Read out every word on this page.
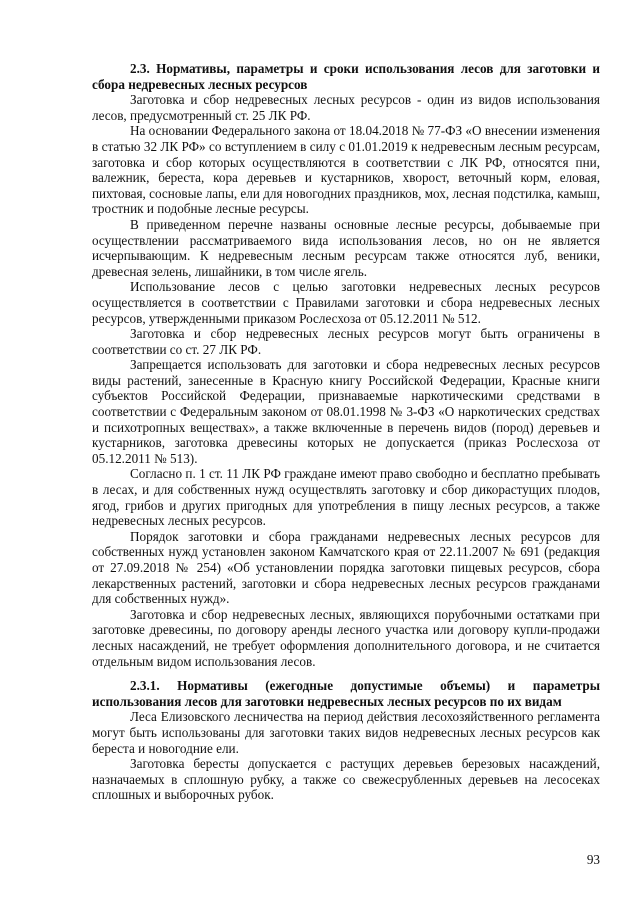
2.3. Нормативы, параметры и сроки использования лесов для заготовки и сбора недревесных лесных ресурсов

Заготовка и сбор недревесных лесных ресурсов - один из видов использования лесов, предусмотренный ст. 25 ЛК РФ.

На основании Федерального закона от 18.04.2018 № 77-ФЗ «О внесении изменения в статью 32 ЛК РФ» со вступлением в силу с 01.01.2019 к недревесным лесным ресурсам, заготовка и сбор которых осуществляются в соответствии с ЛК РФ, относятся пни, валежник, береста, кора деревьев и кустарников, хворост, веточный корм, еловая, пихтовая, сосновые лапы, ели для новогодних праздников, мох, лесная подстилка, камыш, тростник и подобные лесные ресурсы.

В приведенном перечне названы основные лесные ресурсы, добываемые при осуществлении рассматриваемого вида использования лесов, но он не является исчерпывающим. К недревесным лесным ресурсам также относятся луб, веники, древесная зелень, лишайники, в том числе ягель.

Использование лесов с целью заготовки недревесных лесных ресурсов осуществляется в соответствии с Правилами заготовки и сбора недревесных лесных ресурсов, утвержденными приказом Рослесхоза от 05.12.2011 № 512.

Заготовка и сбор недревесных лесных ресурсов могут быть ограничены в соответствии со ст. 27 ЛК РФ.

Запрещается использовать для заготовки и сбора недревесных лесных ресурсов виды растений, занесенные в Красную книгу Российской Федерации, Красные книги субъектов Российской Федерации, признаваемые наркотическими средствами в соответствии с Федеральным законом от 08.01.1998 № 3-ФЗ «О наркотических средствах и психотропных веществах», а также включенные в перечень видов (пород) деревьев и кустарников, заготовка древесины которых не допускается (приказ Рослесхоза от 05.12.2011 № 513).

Согласно п. 1 ст. 11 ЛК РФ граждане имеют право свободно и бесплатно пребывать в лесах, и для собственных нужд осуществлять заготовку и сбор дикорастущих плодов, ягод, грибов и других пригодных для употребления в пищу лесных ресурсов, а также недревесных лесных ресурсов.

Порядок заготовки и сбора гражданами недревесных лесных ресурсов для собственных нужд установлен законом Камчатского края от 22.11.2007 № 691 (редакция от 27.09.2018 № 254) «Об установлении порядка заготовки пищевых ресурсов, сбора лекарственных растений, заготовки и сбора недревесных лесных ресурсов гражданами для собственных нужд».

Заготовка и сбор недревесных лесных, являющихся порубочными остатками при заготовке древесины, по договору аренды лесного участка или договору купли-продажи лесных насаждений, не требует оформления дополнительного договора, и не считается отдельным видом использования лесов.

2.3.1. Нормативы (ежегодные допустимые объемы) и параметры использования лесов для заготовки недревесных лесных ресурсов по их видам

Леса Елизовского лесничества на период действия лесохозяйственного регламента могут быть использованы для заготовки таких видов недревесных лесных ресурсов как береста и новогодние ели.

Заготовка бересты допускается с растущих деревьев березовых насаждений, назначаемых в сплошную рубку, а также со свежесрубленных деревьев на лесосеках сплошных и выборочных рубок.

93
